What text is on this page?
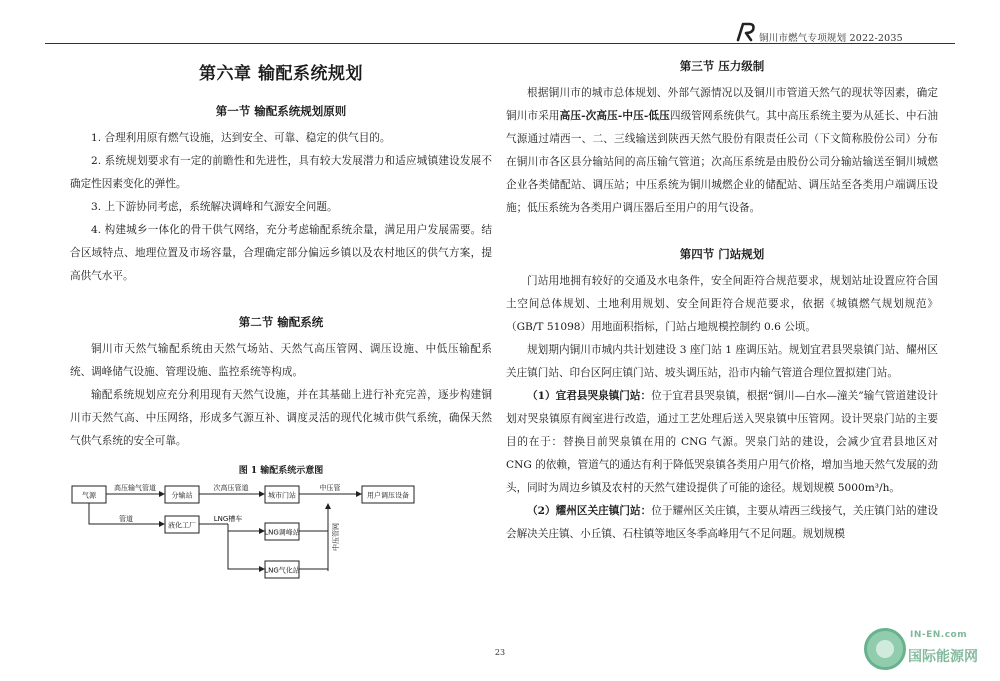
铜川市燃气专项规划 2022-2035
第六章 输配系统规划
第一节 输配系统规划原则

1. 合理利用原有燃气设施，达到安全、可靠、稳定的供气目的。

2. 系统规划要求有一定的前瞻性和先进性，具有较大发展潜力和适应城镇建设发展不确定性因素变化的弹性。

3. 上下游协同考虑，系统解决调峰和气源安全问题。

4. 构建城乡一体化的骨干供气网络，充分考虑输配系统余量，满足用户发展需要。结合区域特点、地理位置及市场容量，合理确定部分偏远乡镇以及农村地区的供气方案，提高供气水平。

第二节 输配系统

铜川市天然气输配系统由天然气场站、天然气高压管网、调压设施、中低压输配系统、调峰储气设施、管理设施、监控系统等构成。

输配系统规划应充分利用现有天然气设施，并在其基础上进行补充完善，逐步构建铜川市天然气高、中压网络，形成多气源互补、调度灵活的现代化城市供气系统，确保天然气供气系统的安全可靠。

图 1 输配系统示意图
气源	分输站	城市门站	用户调压设备
液化工厂
LNG调峰站
LNG气化站
高压输气管道	次高压管道	中压管
管道	LNG槽车
中压管网
第三节 压力级制

根据铜川市的城市总体规划、外部气源情况以及铜川市管道天然气的现状等因素，确定铜川市采用高压-次高压-中压-低压四级管网系统供气。其中高压系统主要为从延长、中石油气源通过靖西一、二、三线输送到陕西天然气股份有限责任公司（下文简称股份公司）分布在铜川市各区县分输站间的高压输气管道；次高压系统是由股份公司分输站输送至铜川城燃企业各类储配站、调压站；中压系统为铜川城燃企业的储配站、调压站至各类用户端调压设施；低压系统为各类用户调压器后至用户的用气设备。

第四节 门站规划

门站用地拥有较好的交通及水电条件，安全间距符合规范要求，规划站址设置应符合国土空间总体规划、土地利用规划、安全间距符合规范要求，依据《城镇燃气规划规范》（GB/T 51098）用地面积指标，门站占地规模控制约 0.6 公顷。

规划期内铜川市城内共计划建设 3 座门站 1 座调压站。规划宜君县哭泉镇门站、耀州区关庄镇门站、印台区阿庄镇门站、坡头调压站，沿市内输气管道合理位置拟建门站。

（1）宜君县哭泉镇门站：位于宜君县哭泉镇，根据“铜川—白水—潼关”输气管道建设计划对哭泉镇原有阀室进行改造，通过工艺处理后送入哭泉镇中压管网。设计哭泉门站的主要目的在于：替换目前哭泉镇在用的 CNG 气源。哭泉门站的建设，会减少宜君县地区对 CNG 的依赖，管道气的通达有利于降低哭泉镇各类用户用气价格，增加当地天然气发展的劲头，同时为周边乡镇及农村的天然气建设提供了可能的途径。规划规模 5000m³/h。

（2）耀州区关庄镇门站：位于耀州区关庄镇，主要从靖西三线接气，关庄镇门站的建设会解决关庄镇、小丘镇、石柱镇等地区冬季高峰用气不足问题。规划规模

23
IN-EN.com
国际能源网
